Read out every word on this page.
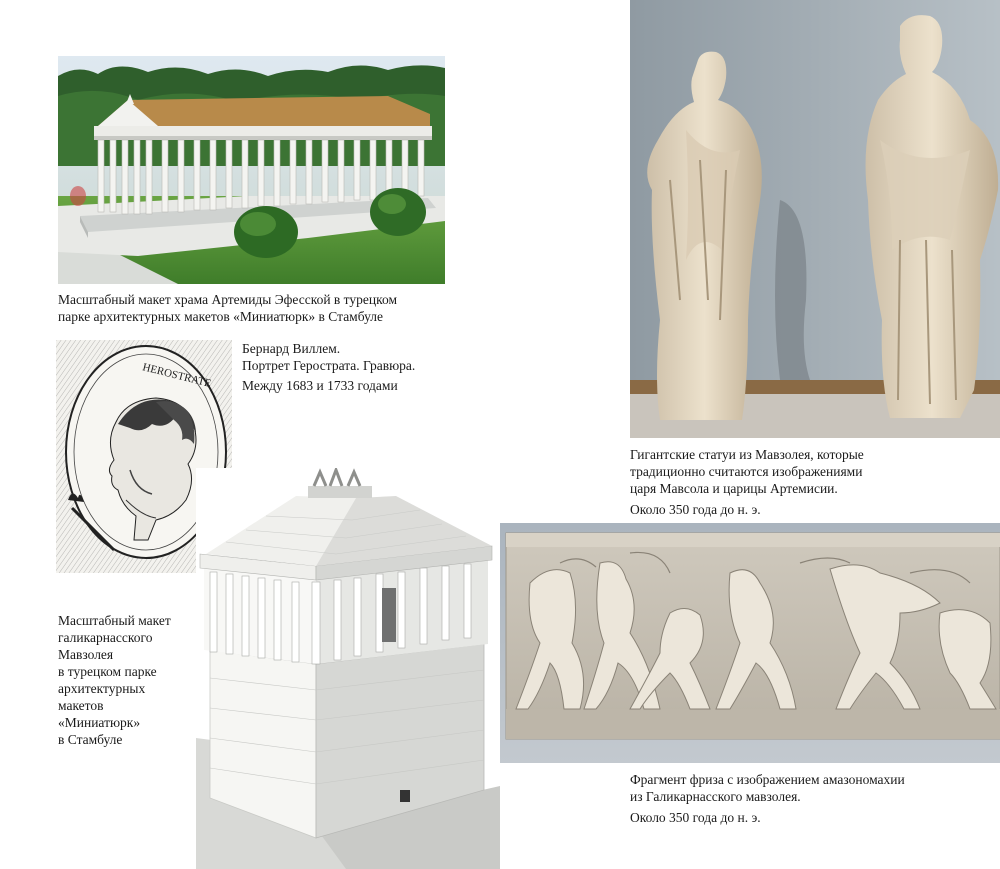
Масштабный макет храма Артемиды Эфесской в турецком
парке архитектурных макетов «Миниатюрк» в Стамбуле
HEROSTRATE
Бернард Виллем.
Портрет Герострата. Гравюра.
Между 1683 и 1733 годами
Гигантские статуи из Мавзолея, которые
традиционно считаются изображениями
царя Мавсола и царицы Артемисии.
Около 350 года до н. э.
Масштабный макет
галикарнасского
Мавзолея
в турецком парке
архитектурных
макетов
«Миниатюрк»
в Стамбуле
Фрагмент фриза с изображением амазономахии
из Галикарнасского мавзолея.
Около 350 года до н. э.
